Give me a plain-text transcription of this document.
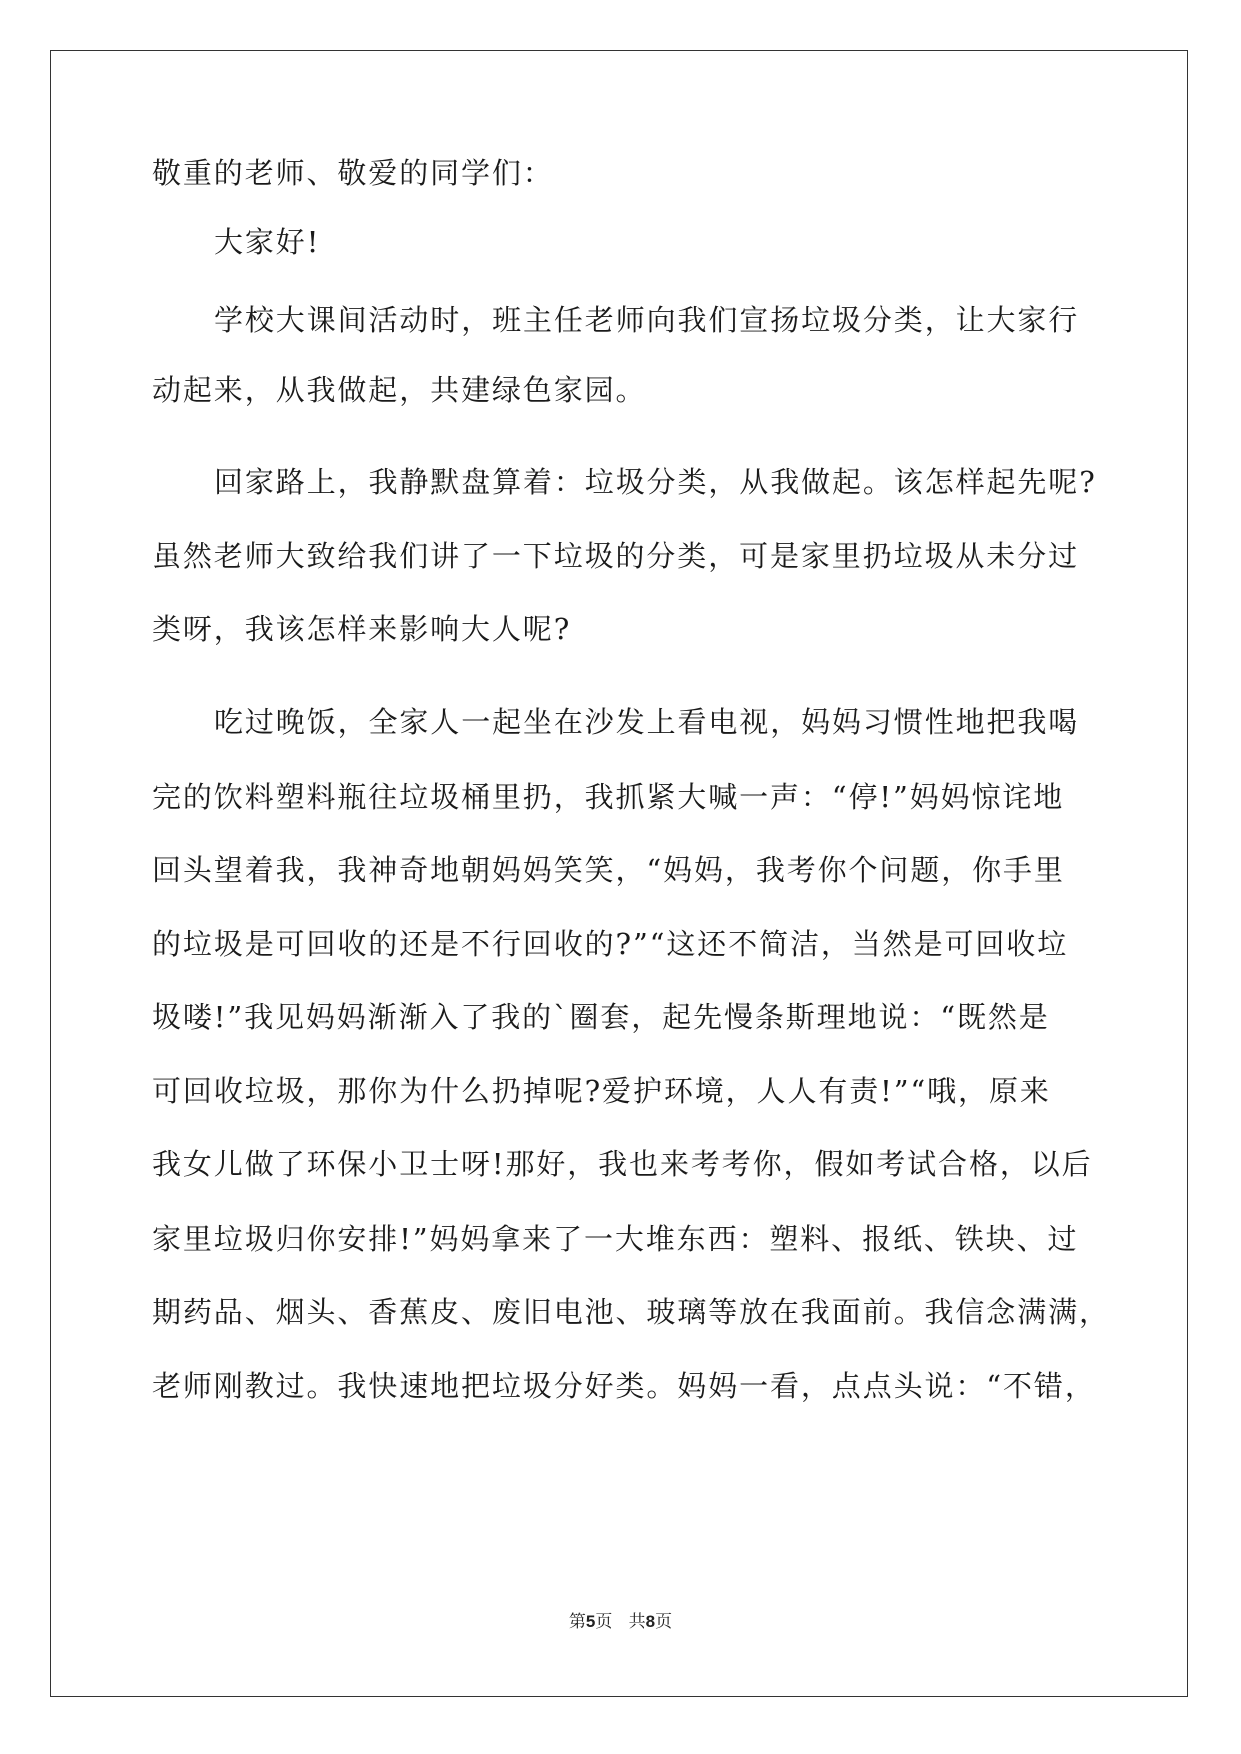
敬重的老师、敬爱的同学们：
大家好!
学校大课间活动时，班主任老师向我们宣扬垃圾分类，让大家行
动起来，从我做起，共建绿色家园。
回家路上，我静默盘算着：垃圾分类，从我做起。该怎样起先呢?
虽然老师大致给我们讲了一下垃圾的分类，可是家里扔垃圾从未分过
类呀，我该怎样来影响大人呢?
吃过晚饭，全家人一起坐在沙发上看电视，妈妈习惯性地把我喝
完的饮料塑料瓶往垃圾桶里扔，我抓紧大喊一声：“停!”妈妈惊诧地
回头望着我，我神奇地朝妈妈笑笑，“妈妈，我考你个问题，你手里
的垃圾是可回收的还是不行回收的?”“这还不简洁，当然是可回收垃
圾喽!”我见妈妈渐渐入了我的`圈套，起先慢条斯理地说：“既然是
可回收垃圾，那你为什么扔掉呢?爱护环境，人人有责!”“哦，原来
我女儿做了环保小卫士呀!那好，我也来考考你，假如考试合格，以后
家里垃圾归你安排!”妈妈拿来了一大堆东西：塑料、报纸、铁块、过
期药品、烟头、香蕉皮、废旧电池、玻璃等放在我面前。我信念满满，
老师刚教过。我快速地把垃圾分好类。妈妈一看，点点头说：“不错，
第5页   共8页
